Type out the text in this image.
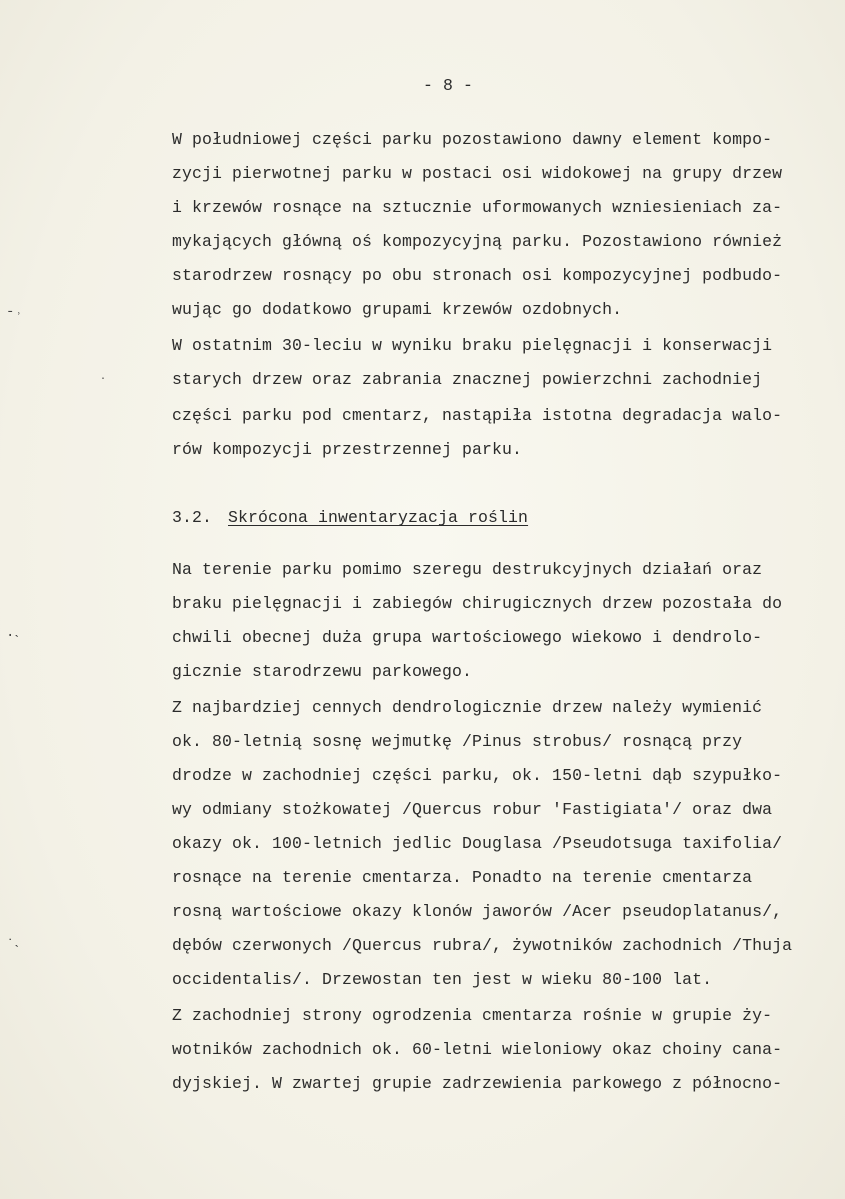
- 8 -
W południowej części parku pozostawiono dawny element kompo-
zycji pierwotnej parku w postaci osi widokowej na grupy drzew
i krzewów rosnące na sztucznie uformowanych wzniesieniach za-
mykających główną oś kompozycyjną parku. Pozostawiono również
starodrzew rosnący po obu stronach osi kompozycyjnej podbudo-
wując go dodatkowo grupami krzewów ozdobnych.
W ostatnim 30-leciu w wyniku braku pielęgnacji i konserwacji
starych drzew oraz zabrania znacznej powierzchni zachodniej
części parku pod cmentarz, nastąpiła istotna degradacja walo-
rów kompozycji przestrzennej parku.
3.2. Skrócona inwentaryzacja roślin
Na terenie parku pomimo szeregu destrukcyjnych działań oraz
braku pielęgnacji i zabiegów chirugicznych drzew pozostała do
chwili obecnej duża grupa wartościowego wiekowo i dendrolo-
gicznie starodrzewu parkowego.
Z najbardziej cennych dendrologicznie drzew należy wymienić
ok. 80-letnią sosnę wejmutkę /Pinus strobus/ rosnącą przy
drodze w zachodniej części parku, ok. 150-letni dąb szypułko-
wy odmiany stożkowatej /Quercus robur 'Fastigiata'/ oraz dwa
okazy ok. 100-letnich jedlic Douglasa /Pseudotsuga taxifolia/
rosnące na terenie cmentarza. Ponadto na terenie cmentarza
rosną wartościowe okazy klonów jaworów /Acer pseudoplatanus/,
dębów czerwonych /Quercus rubra/, żywotników zachodnich /Thuja
occidentalis/. Drzewostan ten jest w wieku 80-100 lat.
Z zachodniej strony ogrodzenia cmentarza rośnie w grupie ży-
wotników zachodnich ok. 60-letni wieloniowy okaz choiny cana-
dyjskiej. W zwartej grupie zadrzewienia parkowego z północno-
-˒
·
·˴
˙˴
